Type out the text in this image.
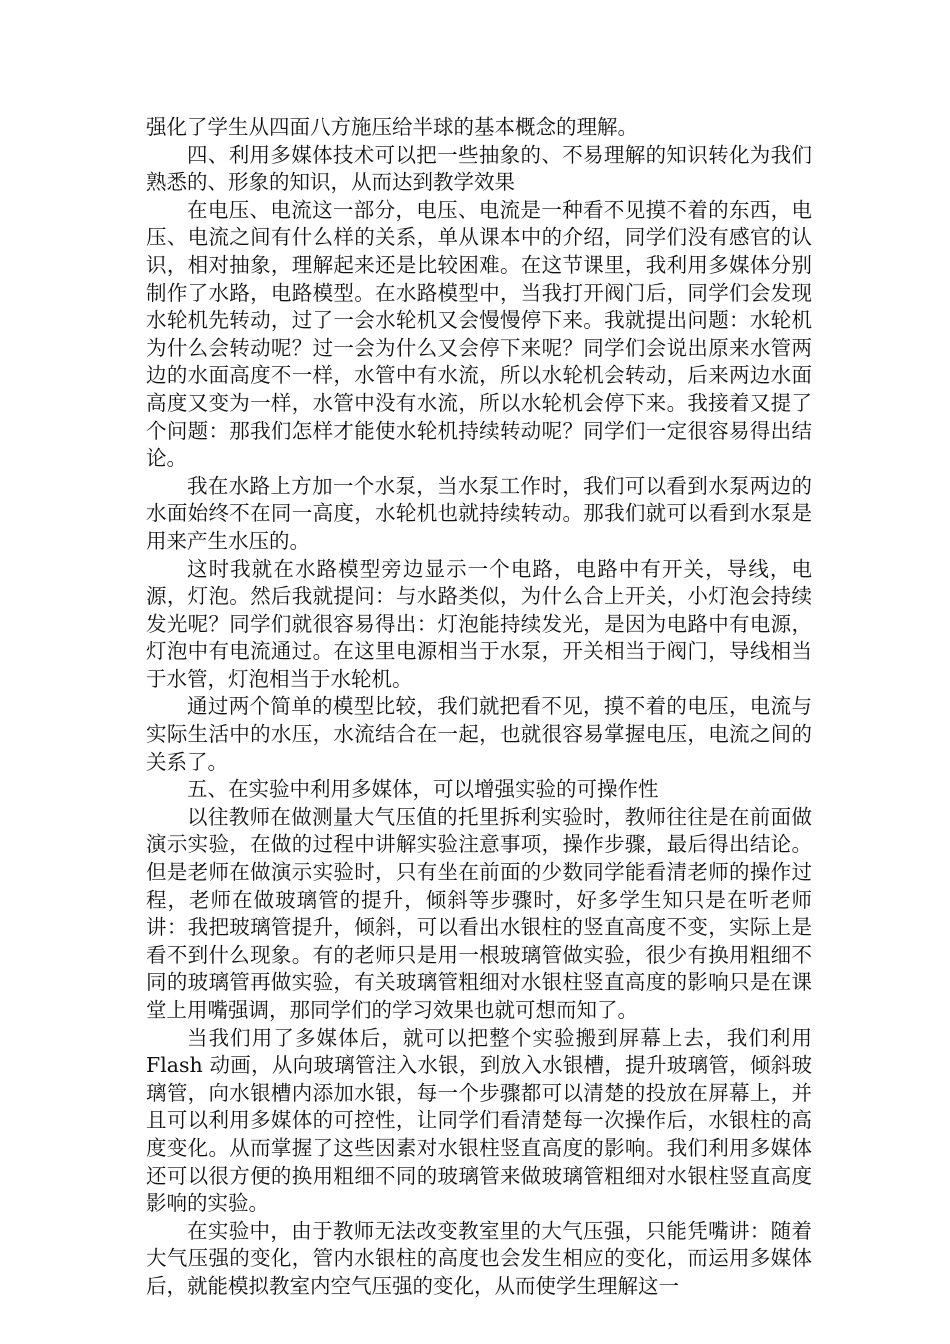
强化了学生从四面八方施压给半球的基本概念的理解。

四、利用多媒体技术可以把一些抽象的、不易理解的知识转化为我们熟悉的、形象的知识，从而达到教学效果

在电压、电流这一部分，电压、电流是一种看不见摸不着的东西，电压、电流之间有什么样的关系，单从课本中的介绍，同学们没有感官的认识，相对抽象，理解起来还是比较困难。在这节课里，我利用多媒体分别制作了水路，电路模型。在水路模型中，当我打开阀门后，同学们会发现水轮机先转动，过了一会水轮机又会慢慢停下来。我就提出问题：水轮机为什么会转动呢？过一会为什么又会停下来呢？同学们会说出原来水管两边的水面高度不一样，水管中有水流，所以水轮机会转动，后来两边水面高度又变为一样，水管中没有水流，所以水轮机会停下来。我接着又提了个问题：那我们怎样才能使水轮机持续转动呢？同学们一定很容易得出结论。

我在水路上方加一个水泵，当水泵工作时，我们可以看到水泵两边的水面始终不在同一高度，水轮机也就持续转动。那我们就可以看到水泵是用来产生水压的。

这时我就在水路模型旁边显示一个电路，电路中有开关，导线，电源，灯泡。然后我就提问：与水路类似，为什么合上开关，小灯泡会持续发光呢？同学们就很容易得出：灯泡能持续发光，是因为电路中有电源，灯泡中有电流通过。在这里电源相当于水泵，开关相当于阀门，导线相当于水管，灯泡相当于水轮机。

通过两个简单的模型比较，我们就把看不见，摸不着的电压，电流与实际生活中的水压，水流结合在一起，也就很容易掌握电压，电流之间的关系了。

五、在实验中利用多媒体，可以增强实验的可操作性

以往教师在做测量大气压值的托里拆利实验时，教师往往是在前面做演示实验，在做的过程中讲解实验注意事项，操作步骤，最后得出结论。但是老师在做演示实验时，只有坐在前面的少数同学能看清老师的操作过程，老师在做玻璃管的提升，倾斜等步骤时，好多学生知只是在听老师讲：我把玻璃管提升，倾斜，可以看出水银柱的竖直高度不变，实际上是看不到什么现象。有的老师只是用一根玻璃管做实验，很少有换用粗细不同的玻璃管再做实验，有关玻璃管粗细对水银柱竖直高度的影响只是在课堂上用嘴强调，那同学们的学习效果也就可想而知了。

当我们用了多媒体后，就可以把整个实验搬到屏幕上去，我们利用 Flash 动画，从向玻璃管注入水银，到放入水银槽，提升玻璃管，倾斜玻璃管，向水银槽内添加水银，每一个步骤都可以清楚的投放在屏幕上，并且可以利用多媒体的可控性，让同学们看清楚每一次操作后，水银柱的高度变化。从而掌握了这些因素对水银柱竖直高度的影响。我们利用多媒体还可以很方便的换用粗细不同的玻璃管来做玻璃管粗细对水银柱竖直高度影响的实验。

在实验中，由于教师无法改变教室里的大气压强，只能凭嘴讲：随着大气压强的变化，管内水银柱的高度也会发生相应的变化，而运用多媒体后，就能模拟教室内空气压强的变化，从而使学生理解这一
